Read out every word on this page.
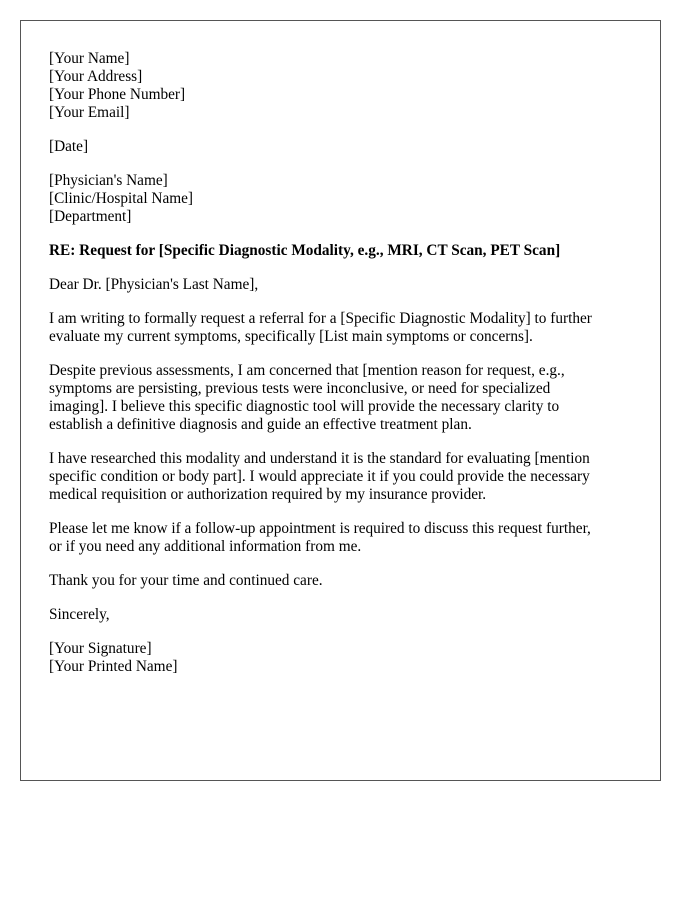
[Your Name]
[Your Address]
[Your Phone Number]
[Your Email]
[Date]
[Physician's Name]
[Clinic/Hospital Name]
[Department]
RE: Request for [Specific Diagnostic Modality, e.g., MRI, CT Scan, PET Scan]
Dear Dr. [Physician's Last Name],
I am writing to formally request a referral for a [Specific Diagnostic Modality] to further
evaluate my current symptoms, specifically [List main symptoms or concerns].
Despite previous assessments, I am concerned that [mention reason for request, e.g.,
symptoms are persisting, previous tests were inconclusive, or need for specialized
imaging]. I believe this specific diagnostic tool will provide the necessary clarity to
establish a definitive diagnosis and guide an effective treatment plan.
I have researched this modality and understand it is the standard for evaluating [mention
specific condition or body part]. I would appreciate it if you could provide the necessary
medical requisition or authorization required by my insurance provider.
Please let me know if a follow-up appointment is required to discuss this request further,
or if you need any additional information from me.
Thank you for your time and continued care.
Sincerely,
[Your Signature]
[Your Printed Name]
